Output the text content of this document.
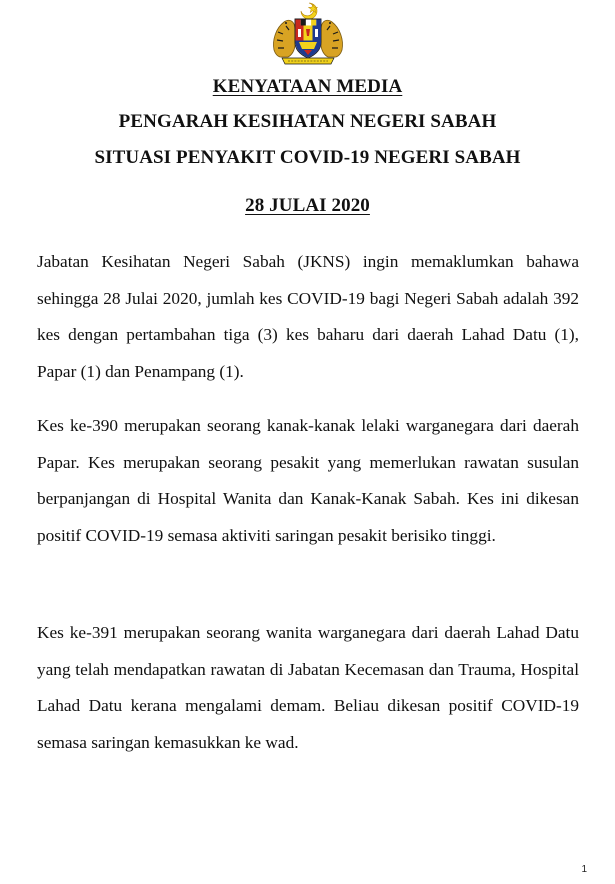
KENYATAAN MEDIA
PENGARAH KESIHATAN NEGERI SABAH
SITUASI PENYAKIT COVID-19 NEGERI SABAH
28 JULAI 2020

Jabatan Kesihatan Negeri Sabah (JKNS) ingin memaklumkan bahawa sehingga 28 Julai 2020, jumlah kes COVID-19 bagi Negeri Sabah adalah 392 kes dengan pertambahan tiga (3) kes baharu dari daerah Lahad Datu (1), Papar (1) dan Penampang (1).

Kes ke-390 merupakan seorang kanak-kanak lelaki warganegara dari daerah Papar. Kes merupakan seorang pesakit yang memerlukan rawatan susulan berpanjangan di Hospital Wanita dan Kanak-Kanak Sabah. Kes ini dikesan positif COVID-19 semasa aktiviti saringan pesakit berisiko tinggi.

Kes ke-391 merupakan seorang wanita warganegara dari daerah Lahad Datu yang telah mendapatkan rawatan di Jabatan Kecemasan dan Trauma, Hospital Lahad Datu kerana mengalami demam. Beliau dikesan positif COVID-19 semasa saringan kemasukkan ke wad.

1
